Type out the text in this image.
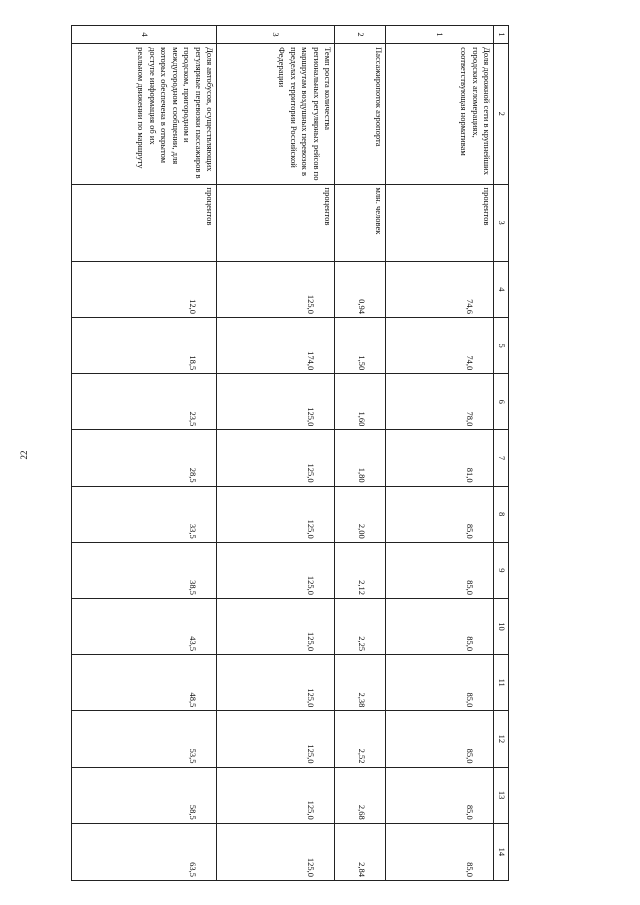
22
1	2	3	4	5	6	7	8	9	10	11	12	13	14
1	Доля дорожной сети в крупнейших городских агломерациях, соответствующая нормативам	процентов	74,6	74,0	78,0	81,0	85,0	85,0	85,0	85,0	85,0	85,0	85,0
2	Пассажиропоток аэропорта	млн. человек	0,94	1,50	1,60	1,80	2,00	2,12	2,25	2,38	2,52	2,68	2,84
3	Темп роста количества региональных регулярных рейсов по маршрутам воздушных перевозок в пределах территории Российской Федерации	процентов	125,0	174,0	125,0	125,0	125,0	125,0	125,0	125,0	125,0	125,0	125,0
4	Доля автобусов, осуществляющих регулярные перевозки пассажиров в городском, пригородном и междугородном сообщении, для которых обеспечена в открытом доступе информация об их реальном движении по маршруту	процентов	12,0	18,5	23,5	28,5	33,5	38,5	43,5	48,5	53,5	58,5	63,5
